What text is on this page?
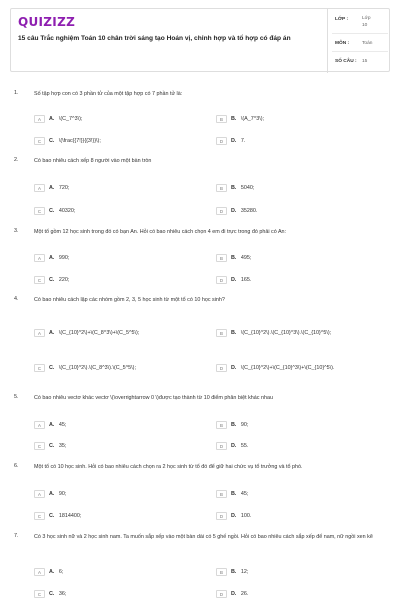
QUIZIZZ
15 câu Trắc nghiệm Toán 10 chân trời sáng tạo Hoán vị, chỉnh hợp và tổ hợp có đáp án
LỚP :	Lớp
10
MÔN :	Toán
SỐ CÂU : 15
1.	Số tập hợp con có 3 phần tử của một tập hợp có 7 phần tử là:
A	A.
\(C_7^3\);	B	B.
\(A_7^3\);
C	C.
\(\frac{{7!}}{{3!}}\);	D	D.
7.
2.	Có bao nhiêu cách xếp 8 người vào một bàn tròn
A	A.
720;	B	B.
5040;
C	C.
40320;	D	D.
35280.
3.	Một tổ gồm 12 học sinh trong đó có bạn An. Hỏi có bao nhiêu cách chọn 4 em đi trực trong đó phải có An:
A	A.
990;	B	B.
495;
C	C.
220;	D	D.
165.
4.	Có bao nhiêu cách lập các nhóm gồm 2, 3, 5 học sinh từ một tổ có 10 học sinh?
A	A.
\(C_{10}^2\)+\(C_8^3\)+\(C_5^5\);	B	B.
\(C_{10}^2\).\(C_{10}^3\).\(C_{10}^5\);
C	C.
\(C_{10}^2\).\(C_8^3\).\(C_5^5\);	D	D.
\(C_{10}^2\)+\(C_{10}^3\)+\(C_{10}^5\).
5.	Có bao nhiêu vectơ khác vectơ \(\overrightarrow 0 \)được tạo thành từ 10 điểm phân biệt khác nhau
A	A.
45;	B	B.
90;
C	C.
35;	D	D.
55.
6.	Một tổ có 10 học sinh. Hỏi có bao nhiêu cách chọn ra 2 học sinh từ tổ đó để giữ hai chức vụ tổ trưởng và tổ phó.
A	A.
90;	B	B.
45;
C	C.
1814400;	D	D.
100.
7.	Có 3 học sinh nữ và 2 học sinh nam. Ta muốn sắp xếp vào một bàn dài có 5 ghế ngồi. Hỏi có bao nhiêu cách sắp xếp để nam, nữ ngồi xen kẽ
A	A.
6;	B	B.
12;
C	C.
36;	D	D.
26.
